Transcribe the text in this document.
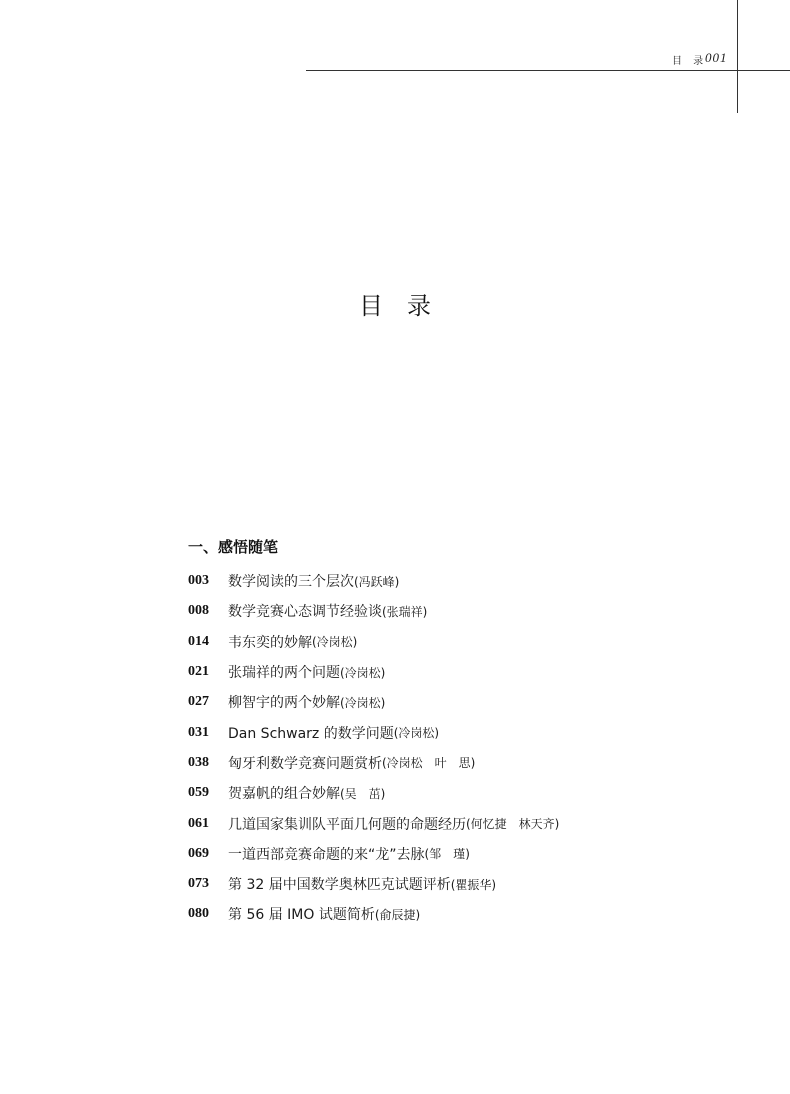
目 录
001
目录
一、感悟随笔
003	数学阅读的三个层次 (冯跃峰)
008	数学竞赛心态调节经验谈 (张瑞祥)
014	韦东奕的妙解 (冷岗松)
021	张瑞祥的两个问题 (冷岗松)
027	柳智宇的两个妙解 (冷岗松)
031	Dan Schwarz 的数学问题 (冷岗松)
038	匈牙利数学竞赛问题赏析 (冷岗松　叶　思)
059	贺嘉帆的组合妙解 (吴　茁)
061	几道国家集训队平面几何题的命题经历 (何忆捷　林天齐)
069	一道西部竞赛命题的来“龙”去脉 (邹　瑾)
073	第 32 届中国数学奥林匹克试题评析 (瞿振华)
080	第 56 届 IMO 试题简析 (俞辰捷)
